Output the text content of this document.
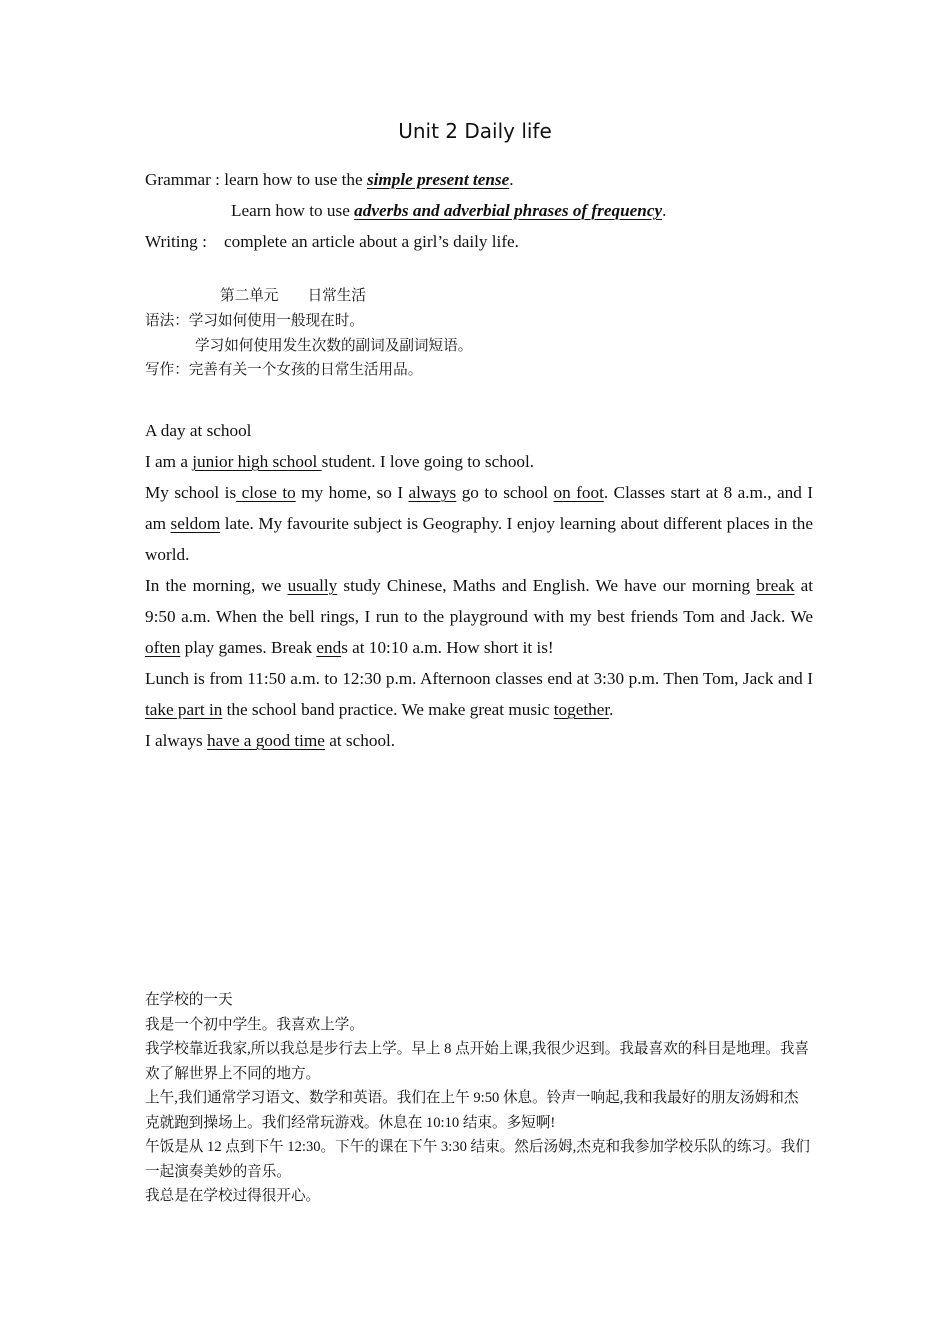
Unit 2 Daily life
Grammar : learn how to use the simple present tense.
Learn how to use adverbs and adverbial phrases of frequency.
Writing :    complete an article about a girl’s daily life.
第二单元　　日常生活
语法：学习如何使用一般现在时。
学习如何使用发生次数的副词及副词短语。
写作：完善有关一个女孩的日常生活用品。

A day at school

I am a junior high school student. I love going to school.

My school is close to my home, so I always go to school on foot. Classes start at 8 a.m., and I am seldom late. My favourite subject is Geography. I enjoy learning about different places in the world.

In the morning, we usually study Chinese, Maths and English. We have our morning break at 9:50 a.m. When the bell rings, I run to the playground with my best friends Tom and Jack. We often play games. Break ends at 10:10 a.m. How short it is!

Lunch is from 11:50 a.m. to 12:30 p.m. Afternoon classes end at 3:30 p.m. Then Tom, Jack and I take part in the school band practice. We make great music together.

I always have a good time at school.

在学校的一天
我是一个初中学生。我喜欢上学。
我学校靠近我家,所以我总是步行去上学。早上 8 点开始上课,我很少迟到。我最喜欢的科目是地理。我喜欢了解世界上不同的地方。
上午,我们通常学习语文、数学和英语。我们在上午 9:50 休息。铃声一响起,我和我最好的朋友汤姆和杰克就跑到操场上。我们经常玩游戏。休息在 10:10 结束。多短啊!
午饭是从 12 点到下午 12:30。下午的课在下午 3:30 结束。然后汤姆,杰克和我参加学校乐队的练习。我们一起演奏美妙的音乐。
我总是在学校过得很开心。
